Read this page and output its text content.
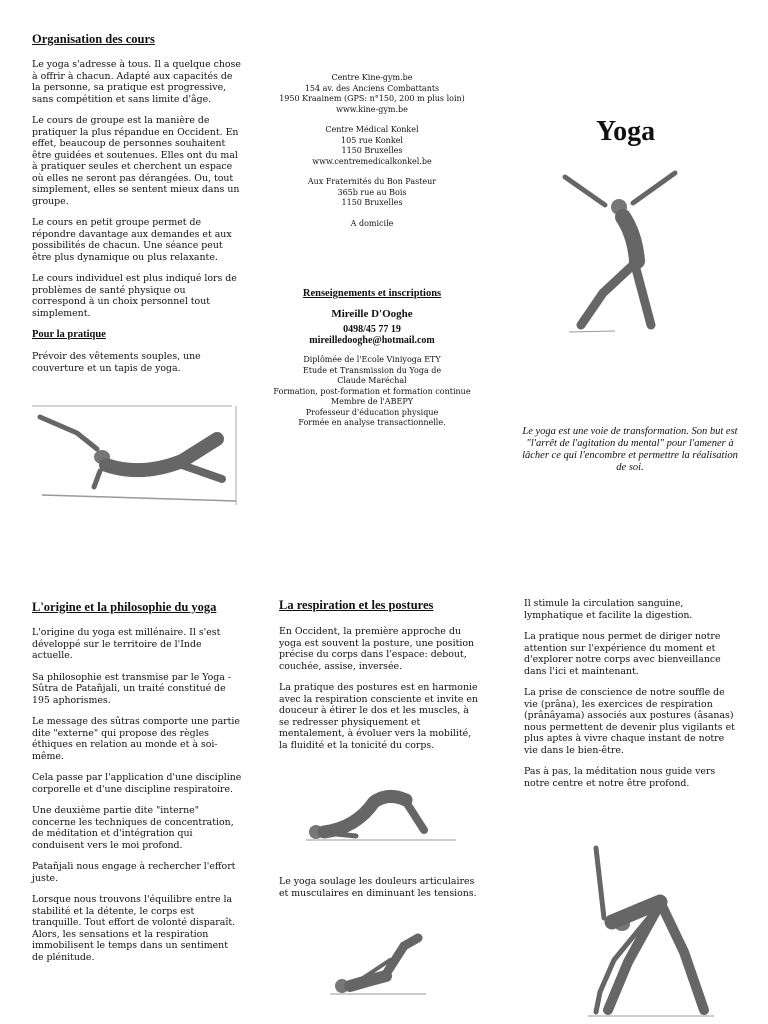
Organisation des cours

Le yoga s'adresse à tous. Il a quelque chose à offrir à chacun. Adapté aux capacités de la personne, sa pratique est progressive, sans compétition et sans limite d'âge.

Le cours de groupe est la manière de pratiquer la plus répandue en Occident. En effet, beaucoup de personnes souhaitent être guidées et soutenues. Elles ont du mal à pratiquer seules et cherchent un espace où elles ne seront pas dérangées. Ou, tout simplement, elles se sentent mieux dans un groupe.

Le cours en petit groupe permet de répondre davantage aux demandes et aux possibilités de chacun. Une séance peut être plus dynamique ou plus relaxante.

Le cours individuel est plus indiqué lors de problèmes de santé physique ou correspond à un choix personnel tout simplement.

Pour la pratique

Prévoir des vêtements souples, une couverture et un tapis de yoga.

Centre Kine-gym.be

154 av. des Anciens Combattants

1950 Kraainem (GPS: n°150, 200 m plus loin)

www.kine-gym.be

Centre Médical Konkel

105 rue Konkel

1150 Bruxelles

www.centremedicalkonkel.be

Aux Fraternités du Bon Pasteur

365b rue au Bois

1150 Bruxelles

A domicile

Renseignements et inscriptions

Mireille D'Ooghe

0498/45 77 19

mireilledooghe@hotmail.com

Diplômée de l'Ecole Viniyoga ETY

Etude et Transmission du Yoga de

Claude Maréchal

Formation, post-formation et formation continue

Membre de l'ABEPY

Professeur d'éducation physique

Formée en analyse transactionnelle.

Yoga

Le yoga est une voie de transformation. Son but est "l'arrêt de l'agitation du mental" pour l'amener à lâcher ce qui l'encombre et permettre la réalisation de soi.

L'origine et la philosophie du yoga

L'origine du yoga est millénaire. Il s'est développé sur le territoire de l'Inde actuelle.

Sa philosophie est transmise par le Yoga - Sûtra de Patañjali, un traité constitué de 195 aphorismes.

Le message des sûtras comporte une partie dite "externe" qui propose des règles éthiques en relation au monde et à soi-même.

Cela passe par l'application d'une discipline corporelle et d'une discipline respiratoire.

Une deuxième partie dite "interne" concerne les techniques de concentration, de méditation et d'intégration qui conduisent vers le moi profond.

Patañjali nous engage à rechercher l'effort juste.

Lorsque nous trouvons l'équilibre entre la stabilité et la détente, le corps est tranquille. Tout effort de volonté disparaît. Alors, les sensations et la respiration immobilisent le temps dans un sentiment de plénitude.

La respiration et les postures

En Occident, la première approche du yoga est souvent la posture, une position précise du corps dans l'espace: debout, couchée, assise, inversée.

La pratique des postures est en harmonie avec la respiration consciente et invite en douceur à étirer le dos et les muscles, à se redresser physiquement et mentalement, à évoluer vers la mobilité, la fluidité et la tonicité du corps.

Le yoga soulage les douleurs articulaires et musculaires en diminuant les tensions.

Il stimule la circulation sanguine, lymphatique et facilite la digestion.

La pratique nous permet de diriger notre attention sur l'expérience du moment et d'explorer notre corps avec bienveillance dans l'ici et maintenant.

La prise de conscience de notre souffle de vie (prâna), les exercices de respiration (prânâyama) associés aux postures (âsanas) nous permettent de devenir plus vigilants et plus aptes à vivre chaque instant de notre vie dans le bien-être.

Pas à pas, la méditation nous guide vers notre centre et notre être profond.
